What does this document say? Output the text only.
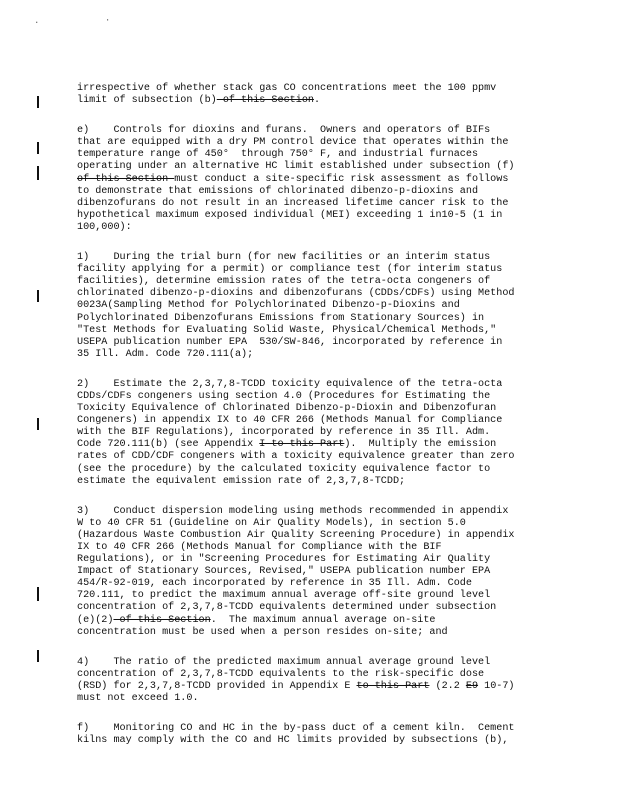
. ·
irrespective of whether stack gas CO concentrations meet the 100 ppmv
limit of subsection (b) of this Section.
e)    Controls for dioxins and furans.  Owners and operators of BIFs
that are equipped with a dry PM control device that operates within the
temperature range of 450°  through 750° F, and industrial furnaces
operating under an alternative HC limit established under subsection (f)
of this Section must conduct a site-specific risk assessment as follows
to demonstrate that emissions of chlorinated dibenzo-p-dioxins and
dibenzofurans do not result in an increased lifetime cancer risk to the
hypothetical maximum exposed individual (MEI) exceeding 1 in10-5 (1 in
100,000):
1)    During the trial burn (for new facilities or an interim status
facility applying for a permit) or compliance test (for interim status
facilities), determine emission rates of the tetra-octa congeners of
chlorinated dibenzo-p-dioxins and dibenzofurans (CDDs/CDFs) using Method
0023A(Sampling Method for Polychlorinated Dibenzo-p-Dioxins and
Polychlorinated Dibenzofurans Emissions from Stationary Sources) in
"Test Methods for Evaluating Solid Waste, Physical/Chemical Methods,"
USEPA publication number EPA  530/SW-846, incorporated by reference in
35 Ill. Adm. Code 720.111(a);
2)    Estimate the 2,3,7,8-TCDD toxicity equivalence of the tetra-octa
CDDs/CDFs congeners using section 4.0 (Procedures for Estimating the
Toxicity Equivalence of Chlorinated Dibenzo-p-Dioxin and Dibenzofuran
Congeners) in appendix IX to 40 CFR 266 (Methods Manual for Compliance
with the BIF Regulations), incorporated by reference in 35 Ill. Adm.
Code 720.111(b) (see Appendix I to this Part).  Multiply the emission
rates of CDD/CDF congeners with a toxicity equivalence greater than zero
(see the procedure) by the calculated toxicity equivalence factor to
estimate the equivalent emission rate of 2,3,7,8-TCDD;
3)    Conduct dispersion modeling using methods recommended in appendix
W to 40 CFR 51 (Guideline on Air Quality Models), in section 5.0
(Hazardous Waste Combustion Air Quality Screening Procedure) in appendix
IX to 40 CFR 266 (Methods Manual for Compliance with the BIF
Regulations), or in "Screening Procedures for Estimating Air Quality
Impact of Stationary Sources, Revised," USEPA publication number EPA
454/R-92-019, each incorporated by reference in 35 Ill. Adm. Code
720.111, to predict the maximum annual average off-site ground level
concentration of 2,3,7,8-TCDD equivalents determined under subsection
(e)(2) of this Section.  The maximum annual average on-site
concentration must be used when a person resides on-site; and
4)    The ratio of the predicted maximum annual average ground level
concentration of 2,3,7,8-TCDD equivalents to the risk-specific dose
(RSD) for 2,3,7,8-TCDD provided in Appendix E to this Part (2.2 E9 10-7)
must not exceed 1.0.
f)    Monitoring CO and HC in the by-pass duct of a cement kiln.  Cement
kilns may comply with the CO and HC limits provided by subsections (b),
